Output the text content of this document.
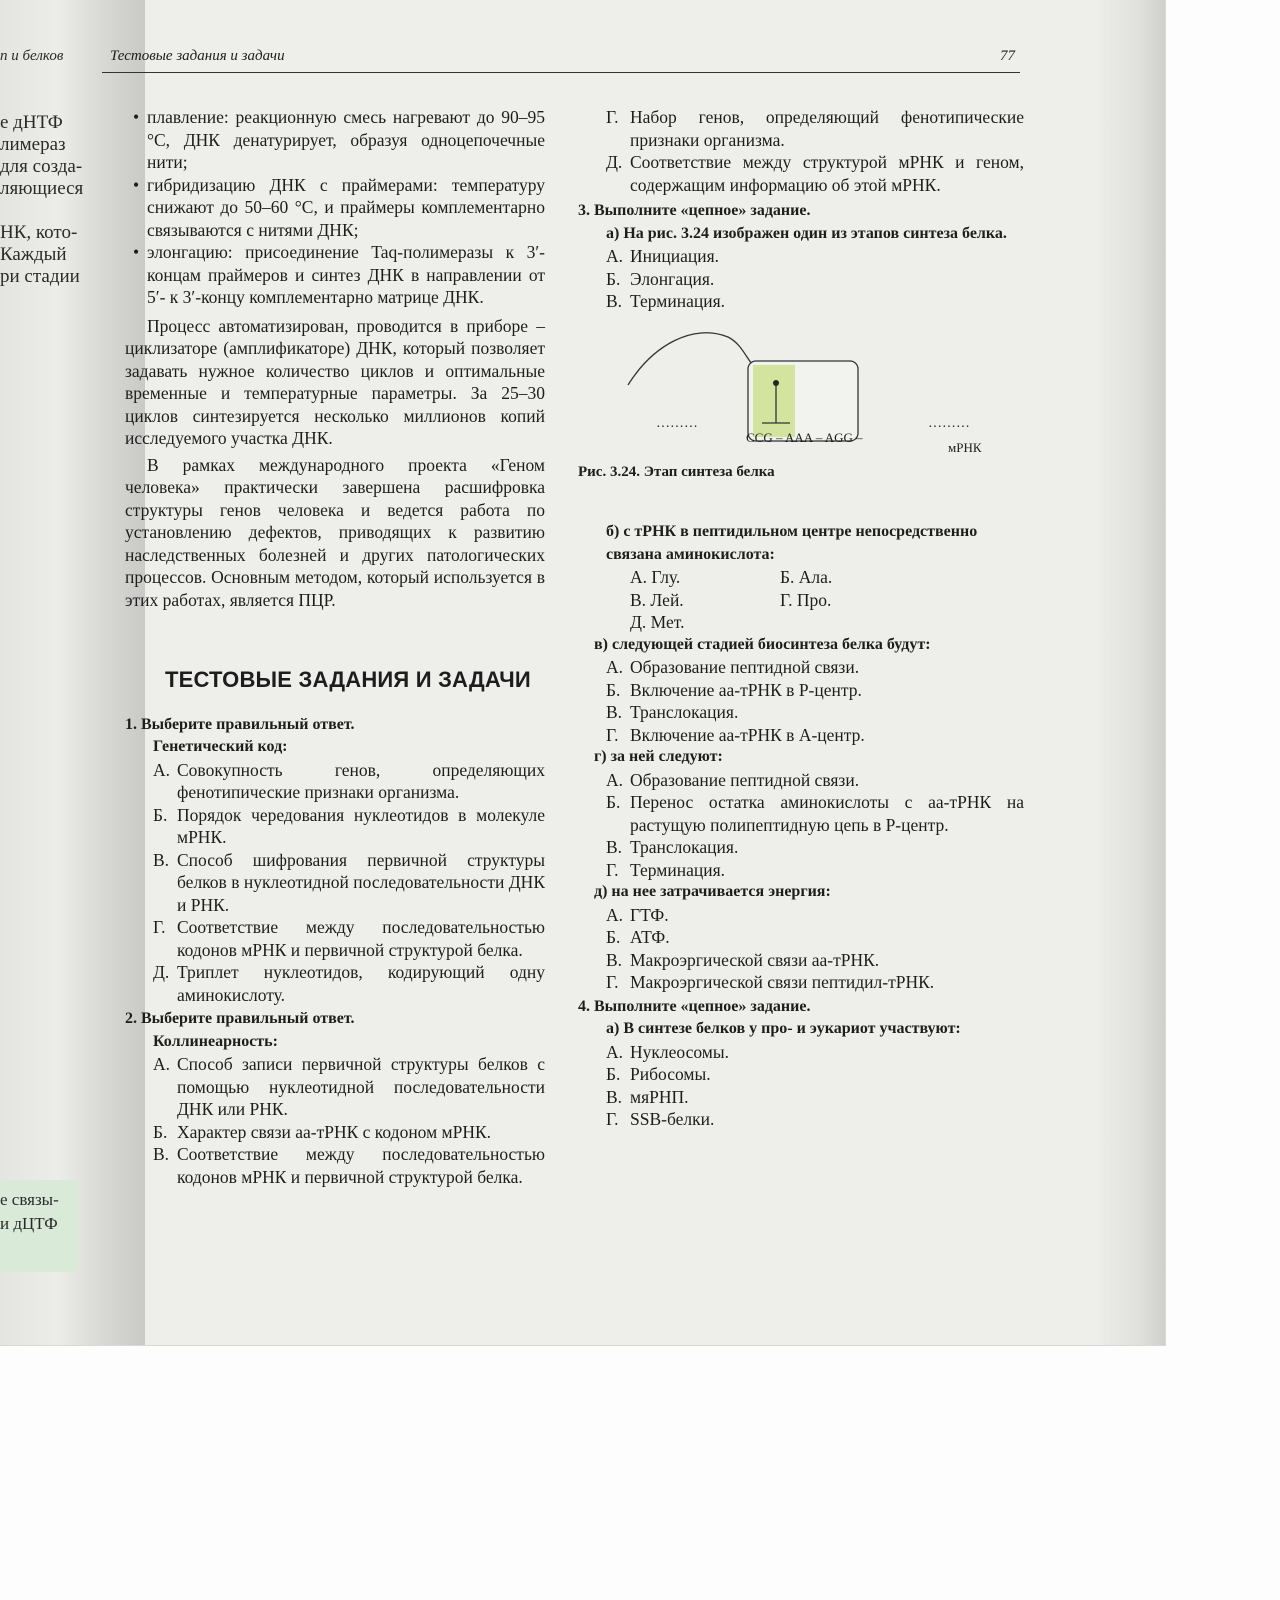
п и белков
е дНТФ
лимераз
для созда-
ляющиеся
НК, кото-
Каждый
ри стадии
е связы-
и дЦТФ
Тестовые задания и задачи	77

• плавление: реакционную смесь нагревают до 90–95 °С, ДНК денатурирует, образуя одноцепочечные нити;

• гибридизацию ДНК с праймерами: температуру снижают до 50–60 °С, и праймеры комплементарно связываются с нитями ДНК;

• элонгацию: присоединение Taq-полимеразы к 3′-концам праймеров и синтез ДНК в направлении от 5′- к 3′-концу комплементарно матрице ДНК.

Процесс автоматизирован, проводится в приборе – циклизаторе (амплификаторе) ДНК, который позволяет задавать нужное количество циклов и оптимальные временные и температурные параметры. За 25–30 циклов синтезируется несколько миллионов копий исследуемого участка ДНК.

В рамках международного проекта «Геном человека» практически завершена расшифровка структуры генов человека и ведется работа по установлению дефектов, приводящих к развитию наследственных болезней и других патологических процессов. Основным методом, который используется в этих работах, является ПЦР.

ТЕСТОВЫЕ ЗАДАНИЯ И ЗАДАЧИ
1. Выберите правильный ответ.
Генетический код:
А. Совокупность генов, определяющих фенотипические признаки организма.
Б. Порядок чередования нуклеотидов в молекуле мРНК.
В. Способ шифрования первичной структуры белков в нуклеотидной последовательности ДНК и РНК.
Г. Соответствие между последовательностью кодонов мРНК и первичной структурой белка.
Д. Триплет нуклеотидов, кодирующий одну аминокислоту.
2. Выберите правильный ответ.
Коллинеарность:
А. Способ записи первичной структуры белков с помощью нуклеотидной последовательности ДНК или РНК.
Б. Характер связи аа-тРНК с кодоном мРНК.
В. Соответствие между последовательностью кодонов мРНК и первичной структурой белка.
Г. Набор генов, определяющий фенотипические признаки организма.
Д. Соответствие между структурой мРНК и геном, содержащим информацию об этой мРНК.
3. Выполните «цепное» задание.
а) На рис. 3.24 изображен один из этапов синтеза белка.
А. Инициация.
Б. Элонгация.
В. Терминация.
·········
CCG – AAA – AGG –
·········
мРНК
Рис. 3.24. Этап синтеза белка
б) с тРНК в пептидильном центре непосредственно связана аминокислота:
А. Глу.	Б. Ала.
В. Лей.	Г. Про.
Д. Мет.
в) следующей стадией биосинтеза белка будут:
А. Образование пептидной связи.
Б. Включение аа-тРНК в Р-центр.
В. Транслокация.
Г. Включение аа-тРНК в А-центр.
г) за ней следуют:
А. Образование пептидной связи.
Б. Перенос остатка аминокислоты с аа-тРНК на растущую полипептидную цепь в Р-центр.
В. Транслокация.
Г. Терминация.
д) на нее затрачивается энергия:
А. ГТФ.
Б. АТФ.
В. Макроэргической связи аа-тРНК.
Г. Макроэргической связи пептидил-тРНК.
4. Выполните «цепное» задание.
а) В синтезе белков у про- и эукариот участвуют:
А. Нуклеосомы.
Б. Рибосомы.
В. мяРНП.
Г. SSB-белки.
